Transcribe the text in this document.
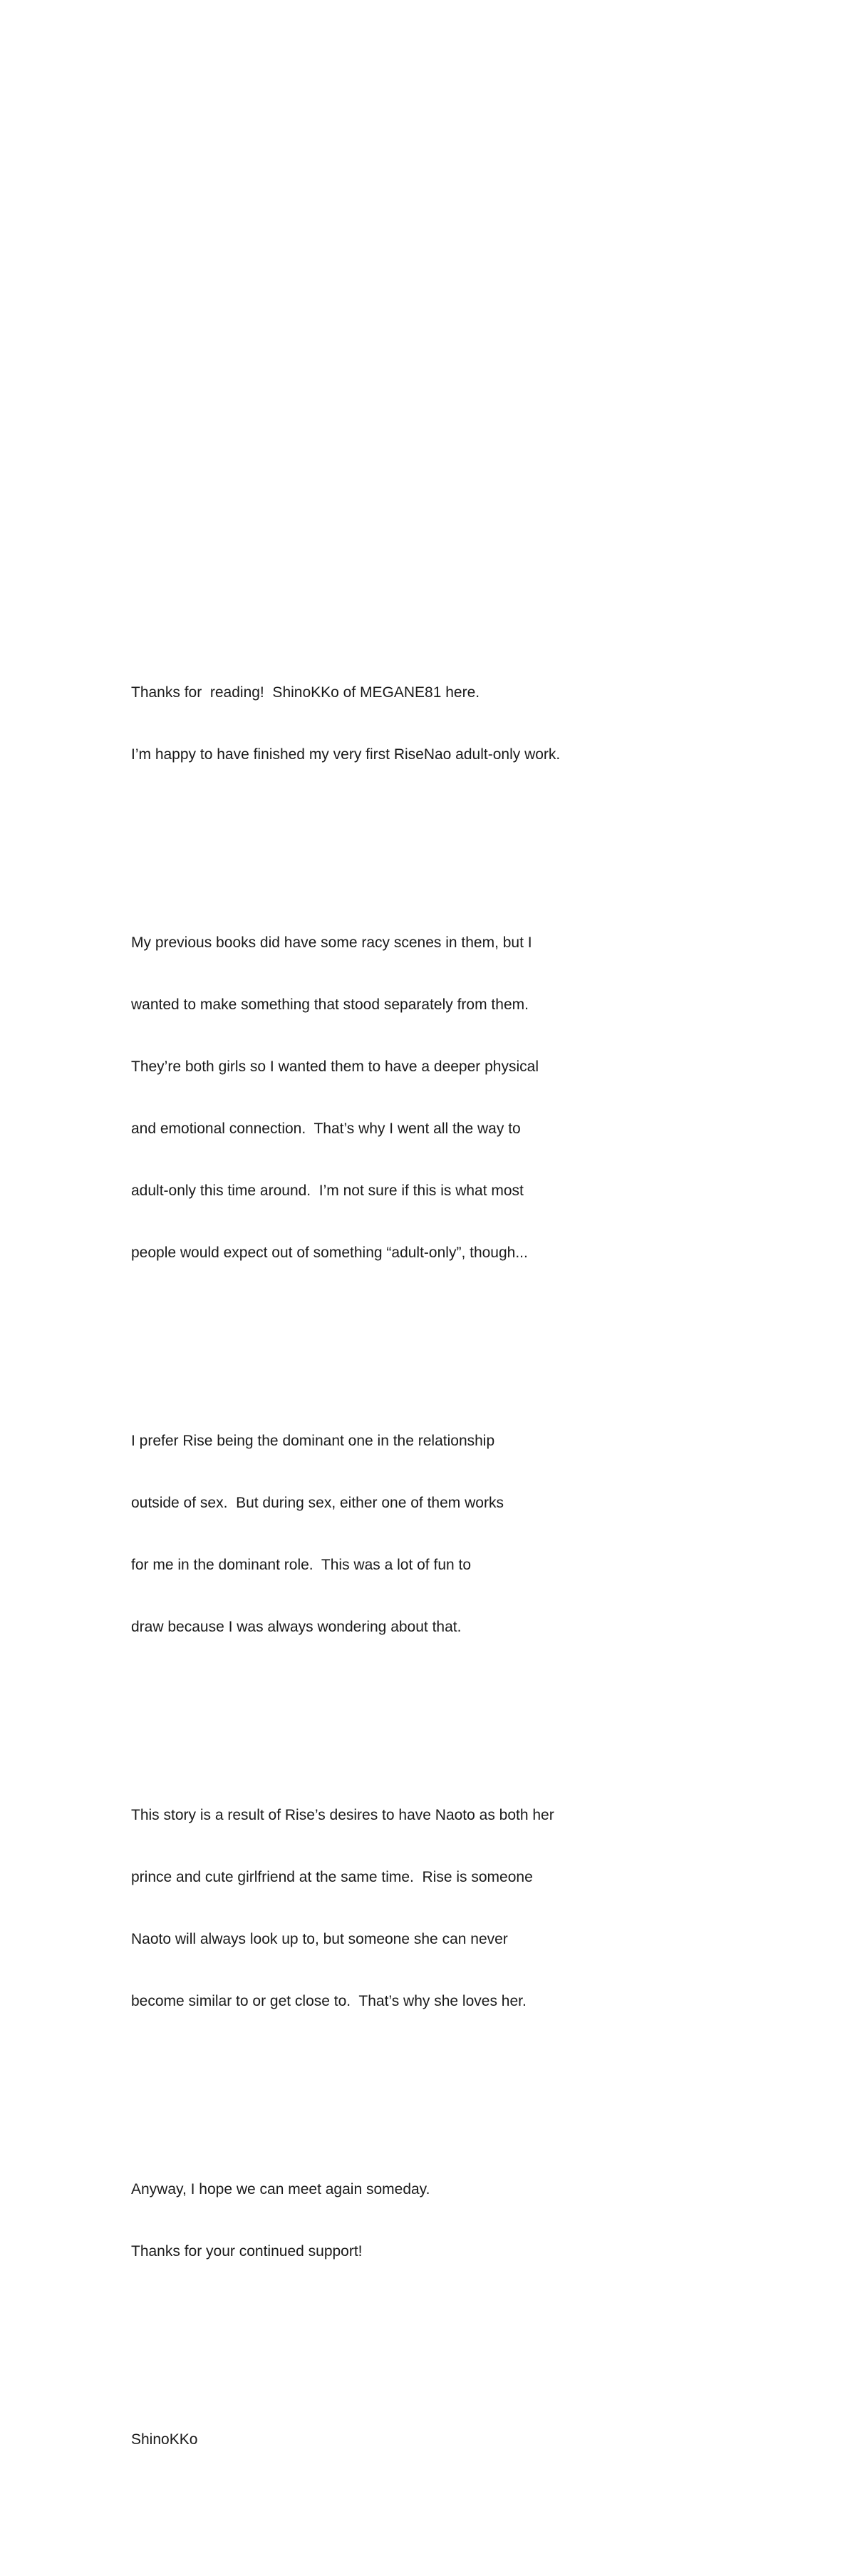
Thanks for  reading!  ShinoKKo of MEGANE81 here.

I’m happy to have finished my very first RiseNao adult-only work.

My previous books did have some racy scenes in them, but I

wanted to make something that stood separately from them.

They’re both girls so I wanted them to have a deeper physical

and emotional connection.  That’s why I went all the way to

adult-only this time around.  I’m not sure if this is what most

people would expect out of something “adult-only”, though...

I prefer Rise being the dominant one in the relationship

outside of sex.  But during sex, either one of them works

for me in the dominant role.  This was a lot of fun to

draw because I was always wondering about that.

This story is a result of Rise’s desires to have Naoto as both her

prince and cute girlfriend at the same time.  Rise is someone

Naoto will always look up to, but someone she can never

become similar to or get close to.  That’s why she loves her.

Anyway, I hope we can meet again someday.

Thanks for your continued support!

ShinoKKo
